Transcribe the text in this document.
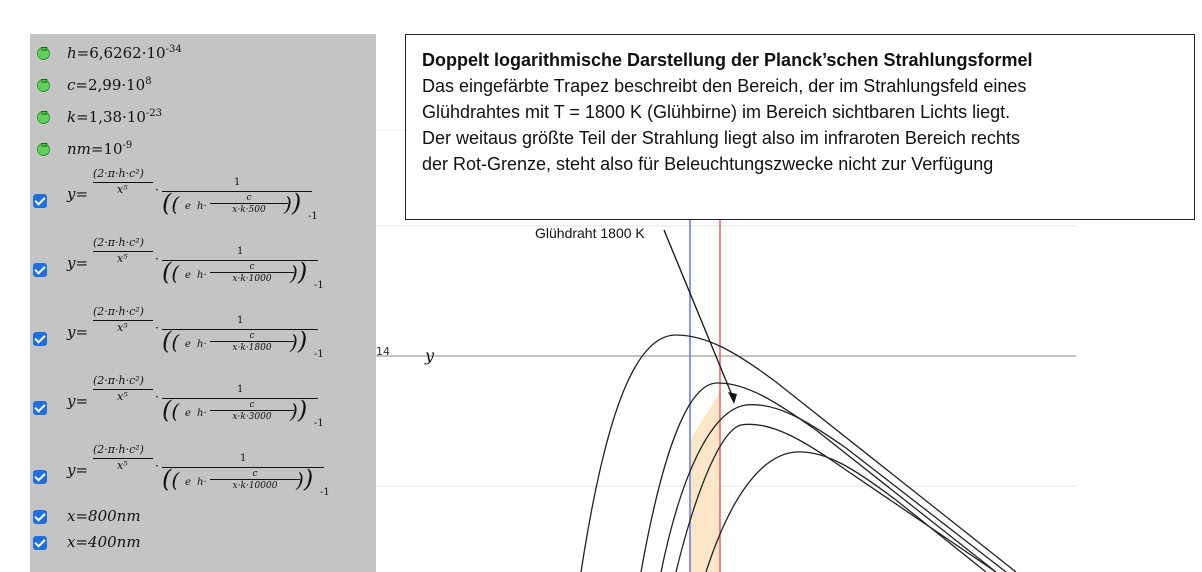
=
$h=6,6262\cdot 10^{-34}$
=
$c=2,99\cdot 10^8$
=
$k=1,38\cdot 10^{-23}$
=
$nm=10^{-9}$
y=
(2·π·h·c²)
x⁵ ·
1
(( e $h\cdot \frac{c}{x\cdot k\cdot 500}$
)) -1
y=
(2·π·h·c²)
x⁵ ·
1
(( e $h\cdot \frac{c}{x\cdot k\cdot 1000}$
)) -1
y=
(2·π·h·c²)
x⁵ ·
1
(( e $h\cdot \frac{c}{x\cdot k\cdot 1800}$
)) -1
y=
(2·π·h·c²)
x⁵ ·
1
(( e $h\cdot \frac{c}{x\cdot k\cdot 3000}$
)) -1
y=
(2·π·h·c²)
x⁵ ·
1
(( e $h\cdot \frac{c}{x\cdot k\cdot 10000}$
)) -1
x=800nm
x=400nm
14 y
Glühdraht 1800 K
Doppelt logarithmische Darstellung der Planck’schen Strahlungsformel
Das eingefärbte Trapez beschreibt den Bereich, der im Strahlungsfeld eines
Glühdrahtes mit T = 1800 K (Glühbirne) im Bereich sichtbaren Lichts liegt.
Der weitaus größte Teil der Strahlung liegt also im infraroten Bereich rechts
der Rot-Grenze, steht also für Beleuchtungszwecke nicht zur Verfügung
